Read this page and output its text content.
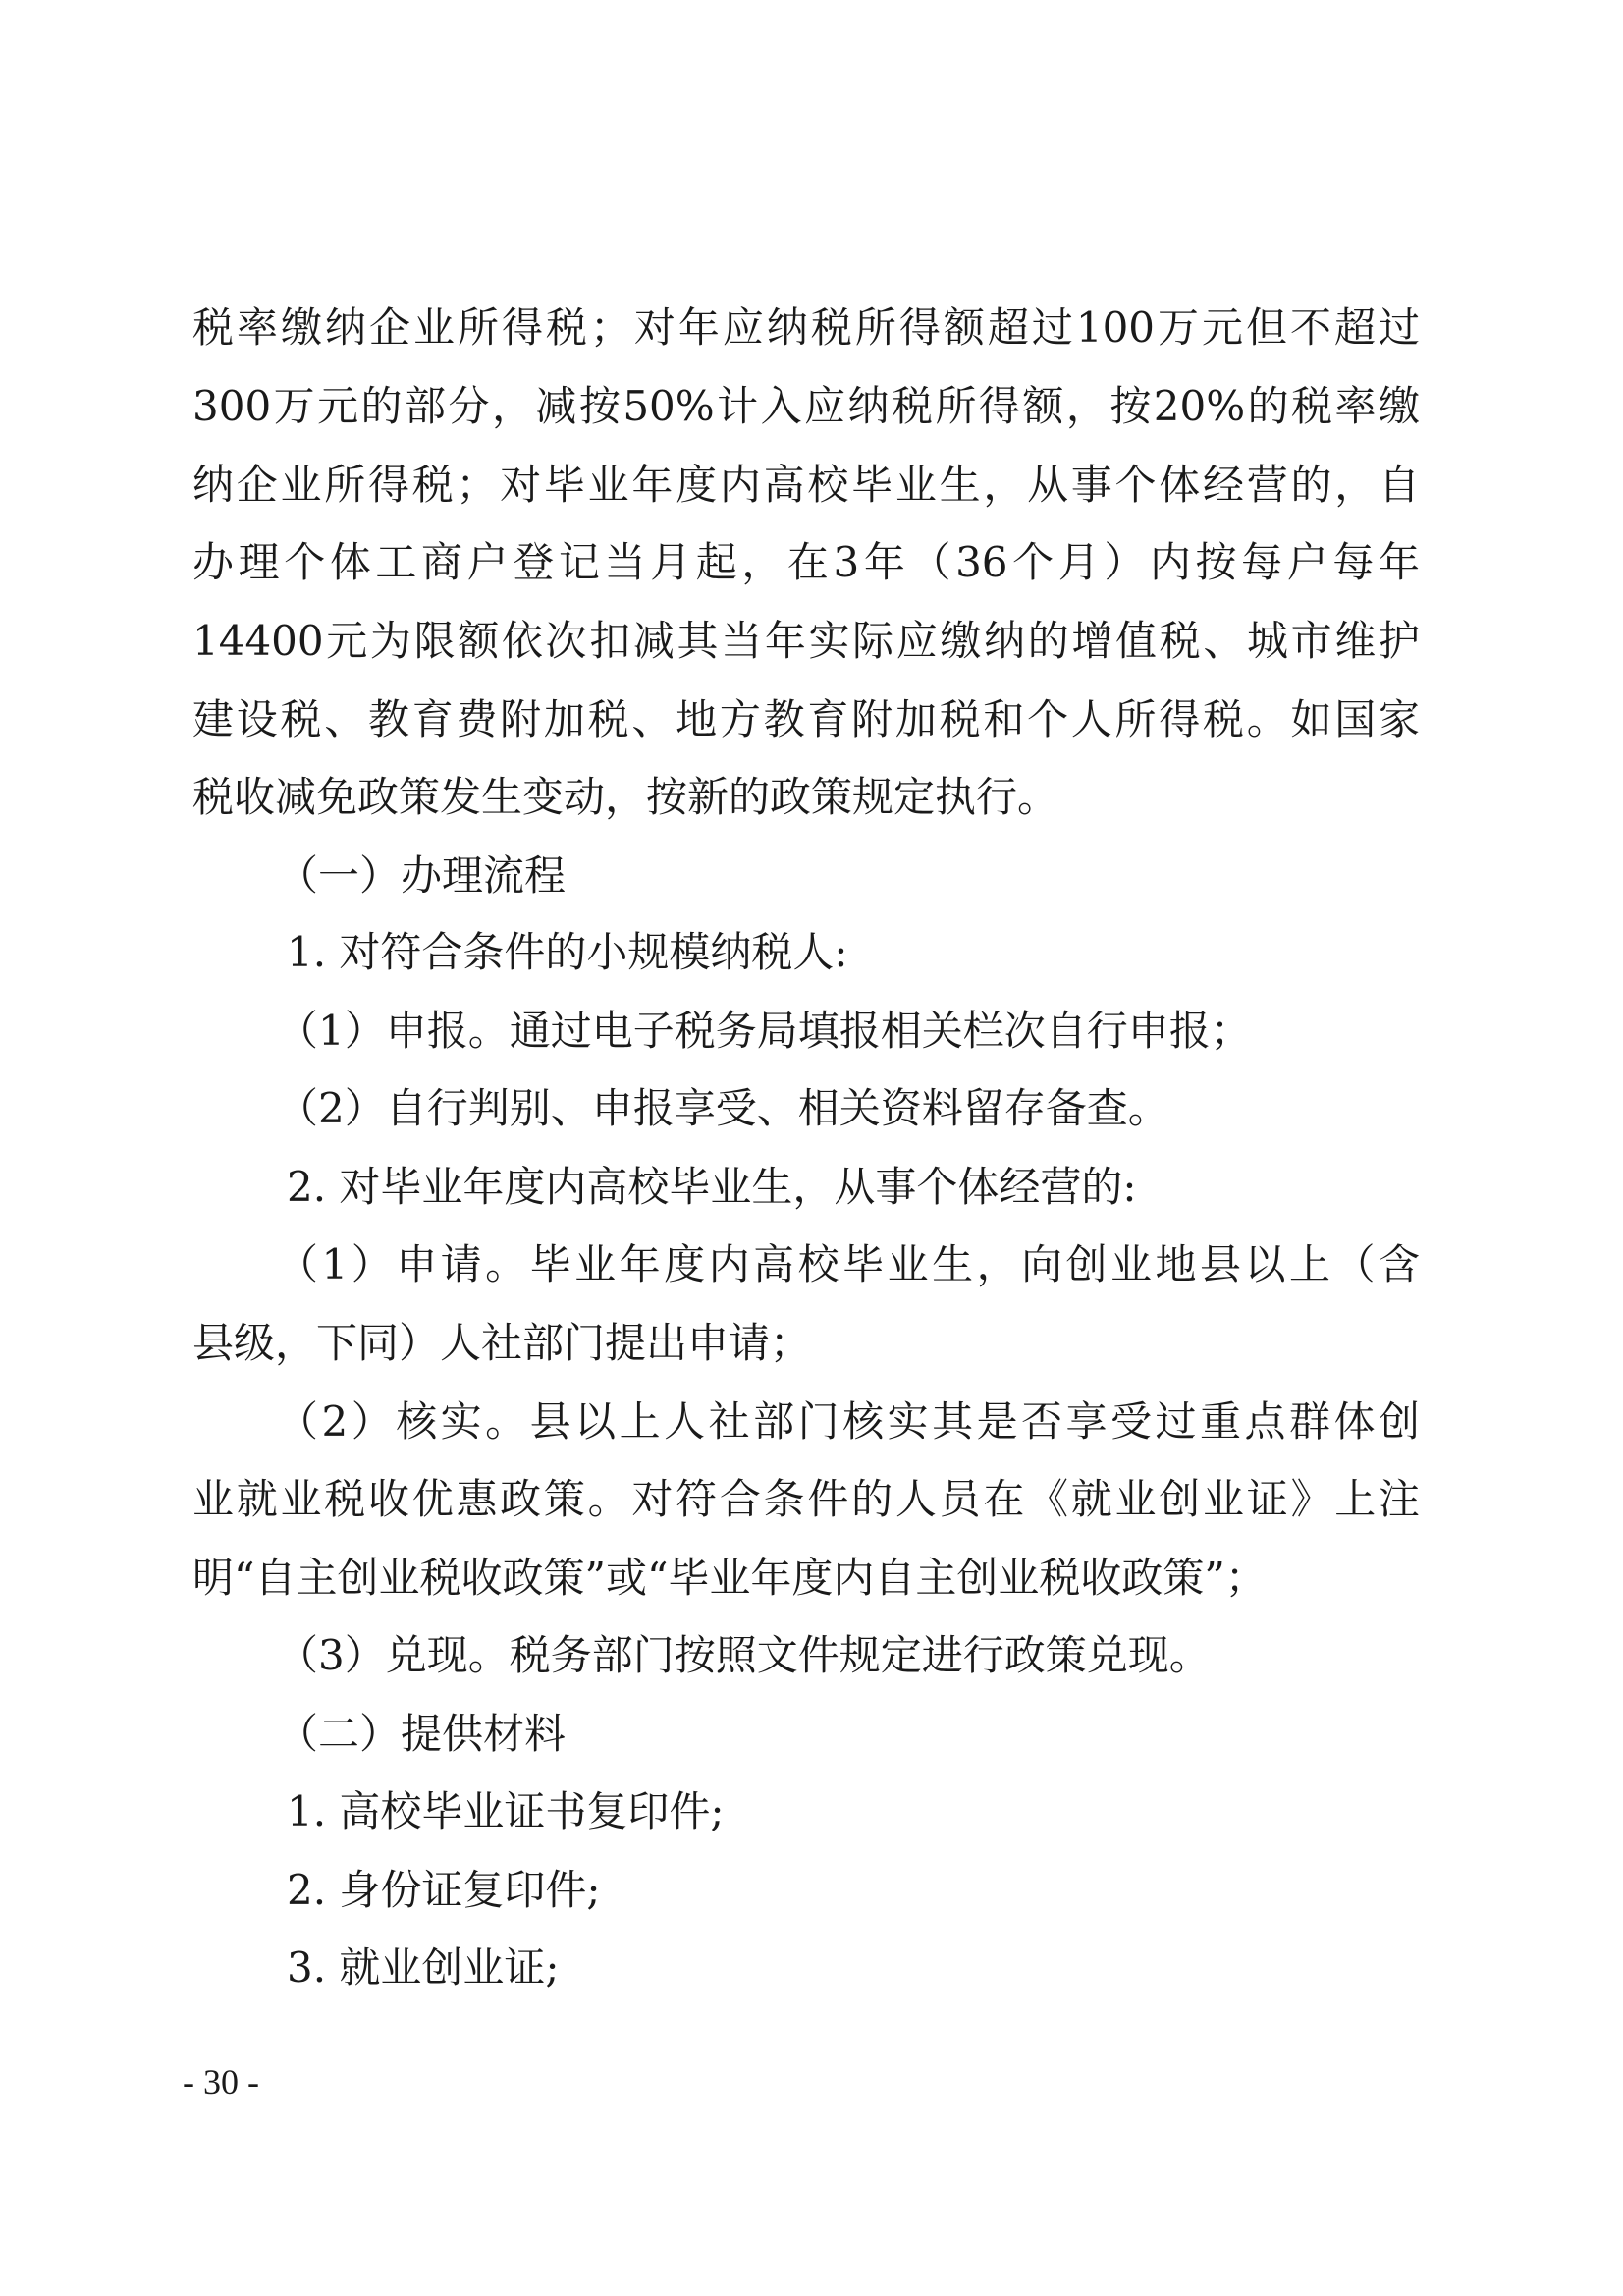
税率缴纳企业所得税；对年应纳税所得额超过100万元但不超过
300万元的部分，减按50%计入应纳税所得额，按20%的税率缴
纳企业所得税；对毕业年度内高校毕业生，从事个体经营的，自
办理个体工商户登记当月起，在3年（36个月）内按每户每年
14400元为限额依次扣减其当年实际应缴纳的增值税、城市维护
建设税、教育费附加税、地方教育附加税和个人所得税。如国家
税收减免政策发生变动，按新的政策规定执行。
（一）办理流程
1. 对符合条件的小规模纳税人:
（1）申报。通过电子税务局填报相关栏次自行申报；
（2）自行判别、申报享受、相关资料留存备查。
2. 对毕业年度内高校毕业生，从事个体经营的:
（1）申请。毕业年度内高校毕业生，向创业地县以上（含
县级，下同）人社部门提出申请；
（2）核实。县以上人社部门核实其是否享受过重点群体创
业就业税收优惠政策。对符合条件的人员在《就业创业证》上注
明“自主创业税收政策”或“毕业年度内自主创业税收政策”；
（3）兑现。税务部门按照文件规定进行政策兑现。
（二）提供材料
1. 高校毕业证书复印件;
2. 身份证复印件;
3. 就业创业证;
- 30 -
